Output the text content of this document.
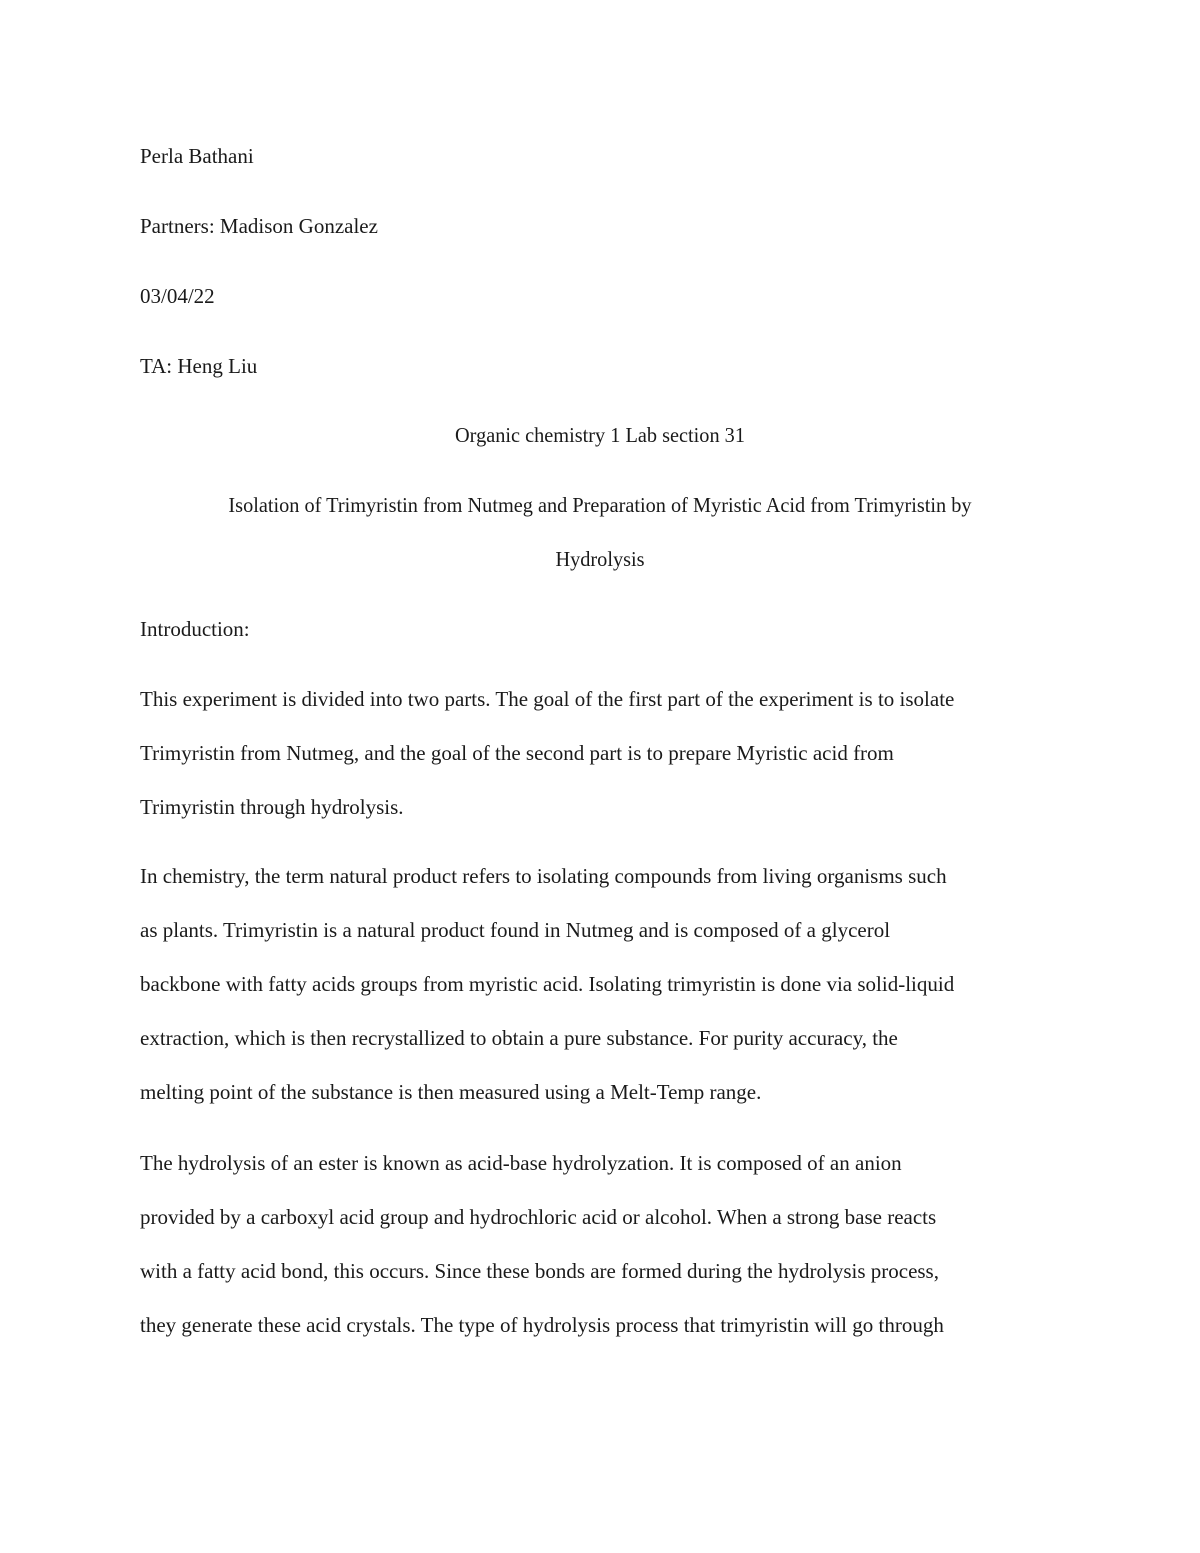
Perla Bathani
Partners: Madison Gonzalez
03/04/22
TA: Heng Liu
Organic chemistry 1 Lab section 31
Isolation of Trimyristin from Nutmeg and Preparation of Myristic Acid from Trimyristin by
Hydrolysis
Introduction:
This experiment is divided into two parts. The goal of the first part of the experiment is to isolate
Trimyristin from Nutmeg, and the goal of the second part is to prepare Myristic acid from
Trimyristin through hydrolysis.
In chemistry, the term natural product refers to isolating compounds from living organisms such
as plants. Trimyristin is a natural product found in Nutmeg and is composed of a glycerol
backbone with fatty acids groups from myristic acid. Isolating trimyristin is done via solid-liquid
extraction, which is then recrystallized to obtain a pure substance. For purity accuracy, the
melting point of the substance is then measured using a Melt-Temp range.
The hydrolysis of an ester is known as acid-base hydrolyzation. It is composed of an anion
provided by a carboxyl acid group and hydrochloric acid or alcohol. When a strong base reacts
with a fatty acid bond, this occurs. Since these bonds are formed during the hydrolysis process,
they generate these acid crystals. The type of hydrolysis process that trimyristin will go through
